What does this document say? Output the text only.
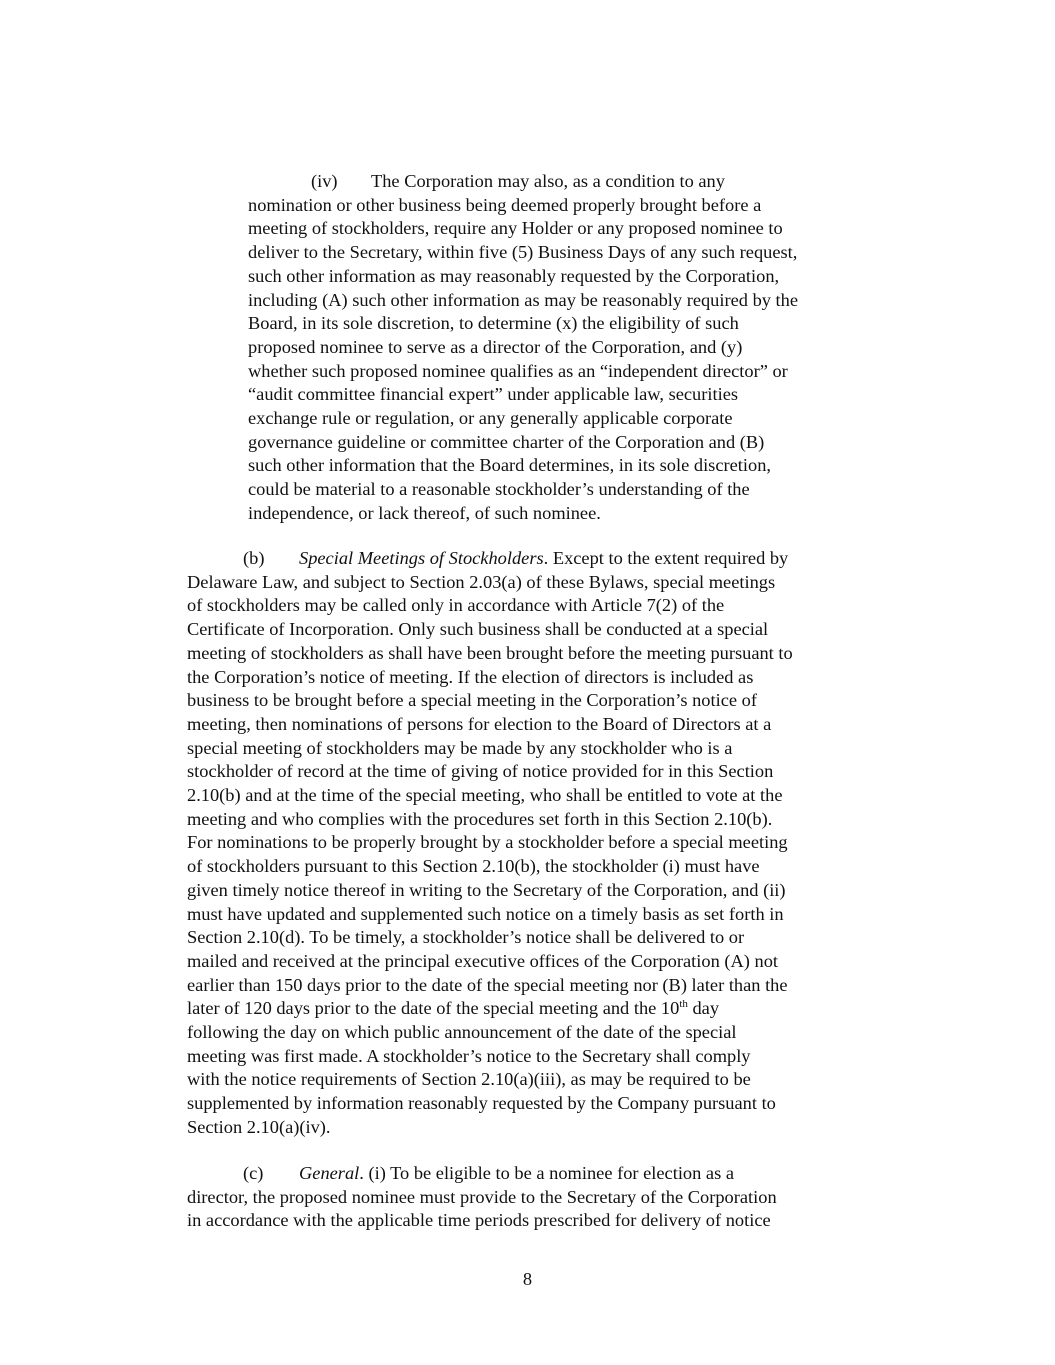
(iv) The Corporation may also, as a condition to any
nomination or other business being deemed properly brought before a
meeting of stockholders, require any Holder or any proposed nominee to
deliver to the Secretary, within five (5) Business Days of any such request,
such other information as may reasonably requested by the Corporation,
including (A) such other information as may be reasonably required by the
Board, in its sole discretion, to determine (x) the eligibility of such
proposed nominee to serve as a director of the Corporation, and (y)
whether such proposed nominee qualifies as an “independent director” or
“audit committee financial expert” under applicable law, securities
exchange rule or regulation, or any generally applicable corporate
governance guideline or committee charter of the Corporation and (B)
such other information that the Board determines, in its sole discretion,
could be material to a reasonable stockholder’s understanding of the
independence, or lack thereof, of such nominee.
(b) Special Meetings of Stockholders. Except to the extent required by
Delaware Law, and subject to Section 2.03(a) of these Bylaws, special meetings
of stockholders may be called only in accordance with Article 7(2) of the
Certificate of Incorporation. Only such business shall be conducted at a special
meeting of stockholders as shall have been brought before the meeting pursuant to
the Corporation’s notice of meeting. If the election of directors is included as
business to be brought before a special meeting in the Corporation’s notice of
meeting, then nominations of persons for election to the Board of Directors at a
special meeting of stockholders may be made by any stockholder who is a
stockholder of record at the time of giving of notice provided for in this Section
2.10(b) and at the time of the special meeting, who shall be entitled to vote at the
meeting and who complies with the procedures set forth in this Section 2.10(b).
For nominations to be properly brought by a stockholder before a special meeting
of stockholders pursuant to this Section 2.10(b), the stockholder (i) must have
given timely notice thereof in writing to the Secretary of the Corporation, and (ii)
must have updated and supplemented such notice on a timely basis as set forth in
Section 2.10(d). To be timely, a stockholder’s notice shall be delivered to or
mailed and received at the principal executive offices of the Corporation (A) not
earlier than 150 days prior to the date of the special meeting nor (B) later than the
later of 120 days prior to the date of the special meeting and the 10th day
following the day on which public announcement of the date of the special
meeting was first made. A stockholder’s notice to the Secretary shall comply
with the notice requirements of Section 2.10(a)(iii), as may be required to be
supplemented by information reasonably requested by the Company pursuant to
Section 2.10(a)(iv).
(c) General. (i) To be eligible to be a nominee for election as a
director, the proposed nominee must provide to the Secretary of the Corporation
in accordance with the applicable time periods prescribed for delivery of notice
8
